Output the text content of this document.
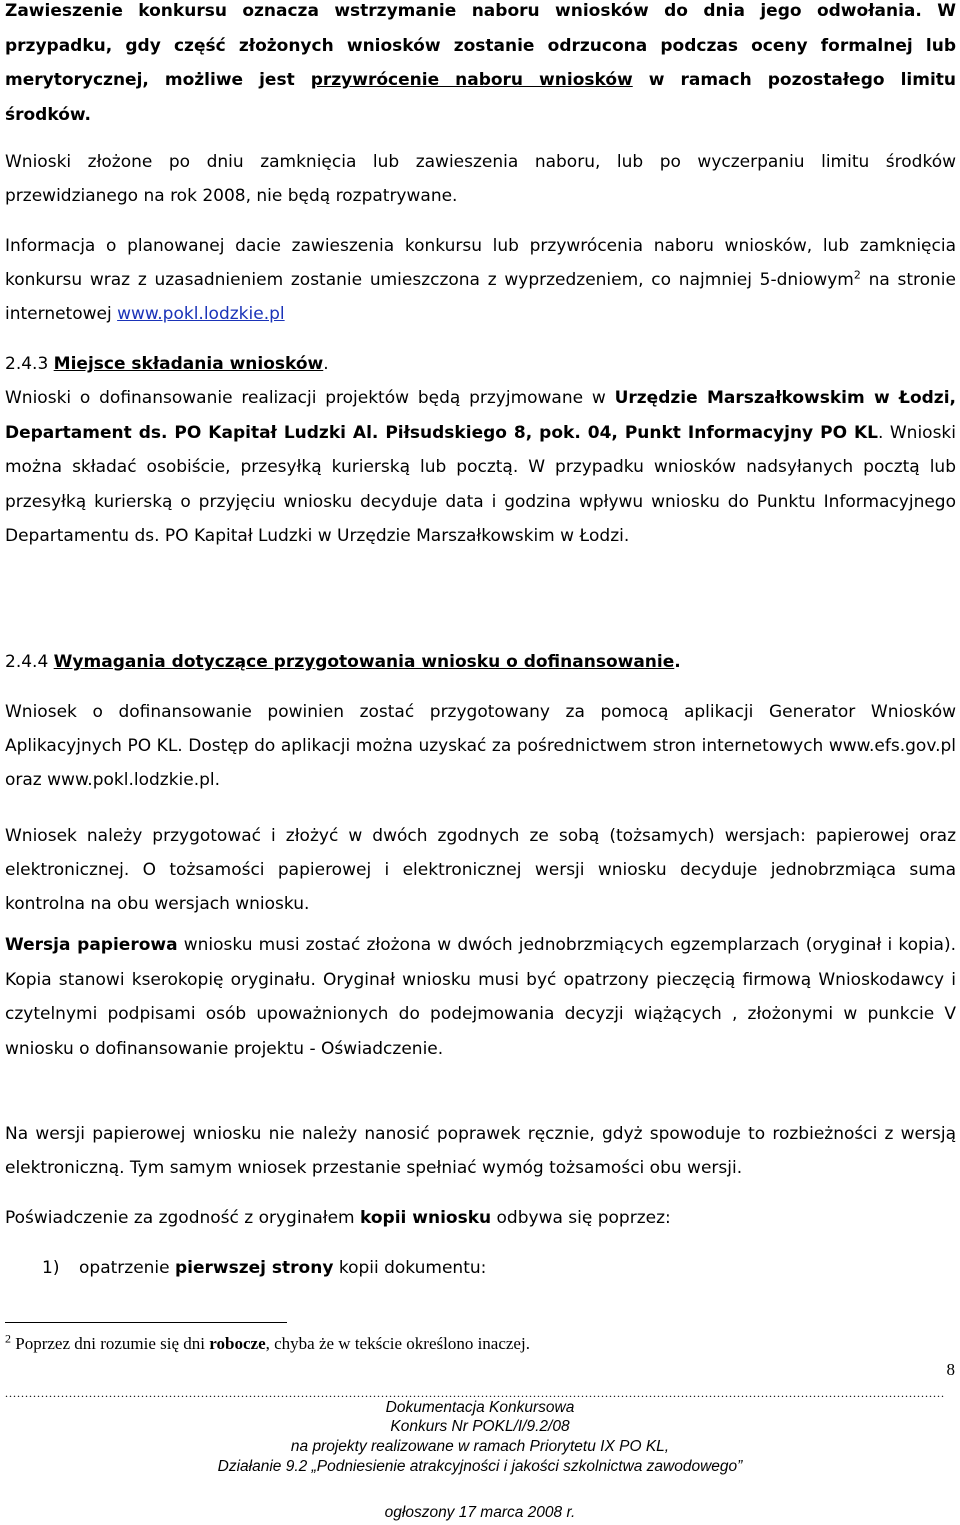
Zawieszenie konkursu oznacza wstrzymanie naboru wniosków do dnia jego odwołania. W przypadku, gdy część złożonych wniosków zostanie odrzucona podczas oceny formalnej lub merytorycznej, możliwe jest przywrócenie naboru wniosków w ramach pozostałego limitu środków.

Wnioski złożone po dniu zamknięcia lub zawieszenia naboru, lub po wyczerpaniu limitu środków przewidzianego na rok 2008, nie będą rozpatrywane.

Informacja o planowanej dacie zawieszenia konkursu lub przywrócenia naboru wniosków, lub zamknięcia konkursu wraz z uzasadnieniem zostanie umieszczona z wyprzedzeniem, co najmniej 5-dniowym$^2$ na stronie internetowej www.pokl.lodzkie.pl

2.4.3 Miejsce składania wniosków.

Wnioski o dofinansowanie realizacji projektów będą przyjmowane w Urzędzie Marszałkowskim w Łodzi, Departament ds. PO Kapitał Ludzki Al. Piłsudskiego 8, pok. 04, Punkt Informacyjny PO KL. Wnioski można składać osobiście, przesyłką kurierską lub pocztą. W przypadku wniosków nadsyłanych pocztą lub przesyłką kurierską o przyjęciu wniosku decyduje data i godzina wpływu wniosku do Punktu Informacyjnego Departamentu ds. PO Kapitał Ludzki w Urzędzie Marszałkowskim w Łodzi.

2.4.4 Wymagania dotyczące przygotowania wniosku o dofinansowanie.

Wniosek o dofinansowanie powinien zostać przygotowany za pomocą aplikacji Generator Wniosków Aplikacyjnych PO KL. Dostęp do aplikacji można uzyskać za pośrednictwem stron internetowych www.efs.gov.pl oraz www.pokl.lodzkie.pl.

Wniosek należy przygotować i złożyć w dwóch zgodnych ze sobą (tożsamych) wersjach: papierowej oraz elektronicznej. O tożsamości papierowej i elektronicznej wersji wniosku decyduje jednobrzmiąca suma kontrolna na obu wersjach wniosku.

Wersja papierowa wniosku musi zostać złożona w dwóch jednobrzmiących egzemplarzach (oryginał i kopia). Kopia stanowi kserokopię oryginału. Oryginał wniosku musi być opatrzony pieczęcią firmową Wnioskodawcy i czytelnymi podpisami osób upoważnionych do podejmowania decyzji wiążących , złożonymi w punkcie V wniosku o dofinansowanie projektu - Oświadczenie.

Na wersji papierowej wniosku nie należy nanosić poprawek ręcznie, gdyż spowoduje to rozbieżności z wersją elektroniczną. Tym samym wniosek przestanie spełniać wymóg tożsamości obu wersji.

Poświadczenie za zgodność z oryginałem kopii wniosku odbywa się poprzez:

1) opatrzenie pierwszej strony kopii dokumentu:
$^2$ Poprzez dni rozumie się dni robocze, chyba że w tekście określono inaczej.
8
...........................................................................................................................................................................................................................................
Dokumentacja Konkursowa
Konkurs Nr POKL/I/9.2/08
na projekty realizowane w ramach Priorytetu IX PO KL,
Działanie 9.2 „Podniesienie atrakcyjności i jakości szkolnictwa zawodowego”
ogłoszony 17 marca 2008 r.
